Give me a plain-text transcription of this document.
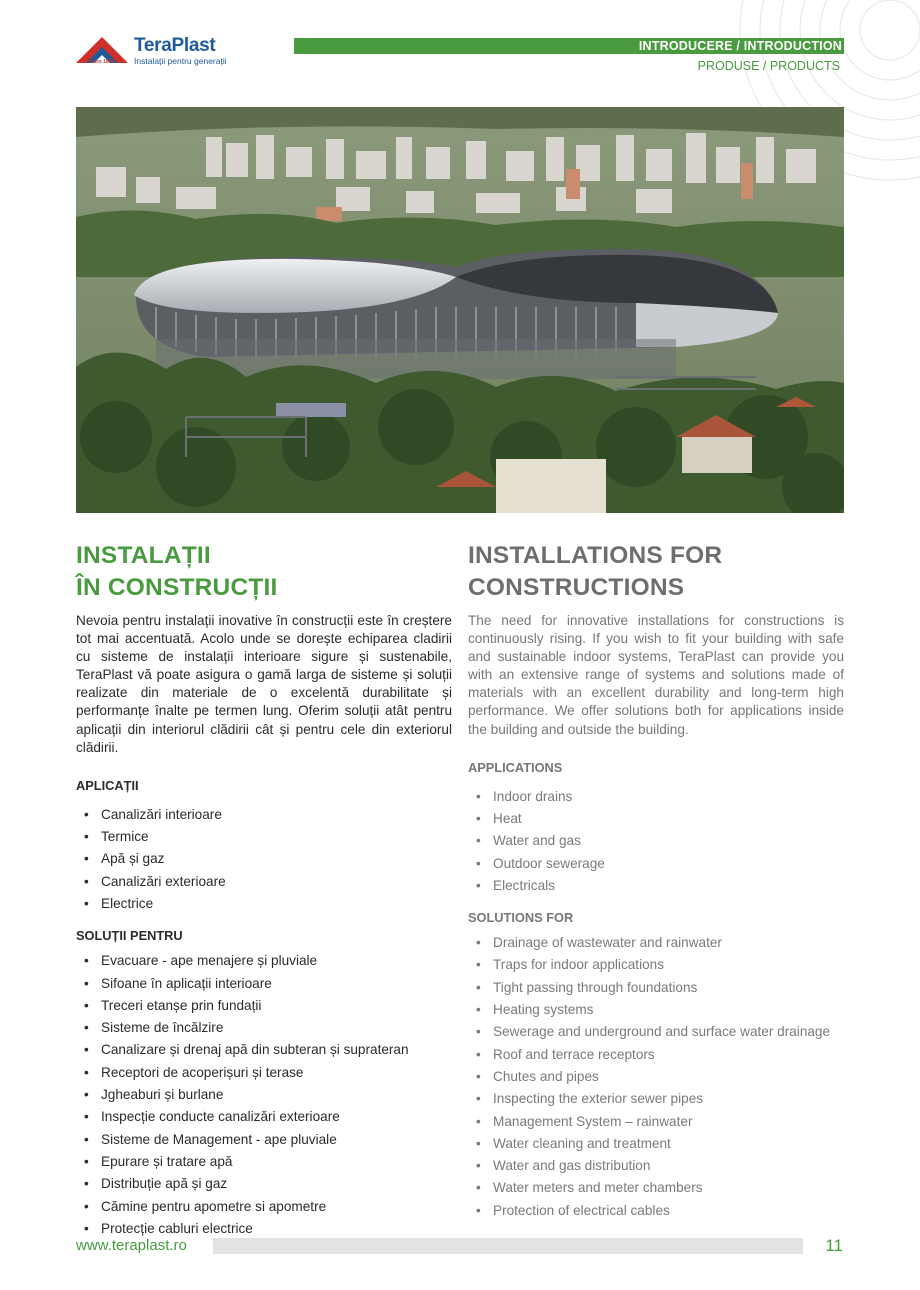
TeraPlast
Instalații pentru generații
since 1896
INTRODUCERE / INTRODUCTION
PRODUSE / PRODUCTS
INSTALAȚII
ÎN CONSTRUCȚII

Nevoia pentru instalații inovative în construcții este în creștere tot mai accentuată. Acolo unde se dorește echiparea cladirii cu sisteme de instalații interioare sigure și sustenabile, TeraPlast vă poate asigura o gamă larga de sisteme și soluții realizate din materiale de o excelentă durabilitate și performanțe înalte pe termen lung. Oferim soluții atât pentru aplicații din interiorul clădirii cât și pentru cele din exteriorul clădirii.

APLICAȚII
• Canalizări interioare
• Termice
• Apă și gaz
• Canalizări exterioare
• Electrice
SOLUȚII PENTRU
• Evacuare - ape menajere și pluviale
• Sifoane în aplicații interioare
• Treceri etanșe prin fundații
• Sisteme de încălzire
• Canalizare și drenaj apă din subteran și suprateran
• Receptori de acoperișuri și terase
• Jgheaburi și burlane
• Inspecție conducte canalizări exterioare
• Sisteme de Management - ape pluviale
• Epurare și tratare apă
• Distribuție apă și gaz
• Cămine pentru apometre si apometre
• Protecție cabluri electrice
INSTALLATIONS FOR
CONSTRUCTIONS

The need for innovative installations for constructions is continuously rising. If you wish to fit your building with safe and sustainable indoor systems, TeraPlast can provide you with an extensive range of systems and solutions made of materials with an excellent durability and long-term high performance. We offer solutions both for applications inside the building and outside the building.

APPLICATIONS
• Indoor drains
• Heat
• Water and gas
• Outdoor sewerage
• Electricals
SOLUTIONS FOR
• Drainage of wastewater and rainwater
• Traps for indoor applications
• Tight passing through foundations
• Heating systems
• Sewerage and underground and surface water drainage
• Roof and terrace receptors
• Chutes and pipes
• Inspecting the exterior sewer pipes
• Management System – rainwater
• Water cleaning and treatment
• Water and gas distribution
• Water meters and meter chambers
• Protection of electrical cables
www.teraplast.ro	11
